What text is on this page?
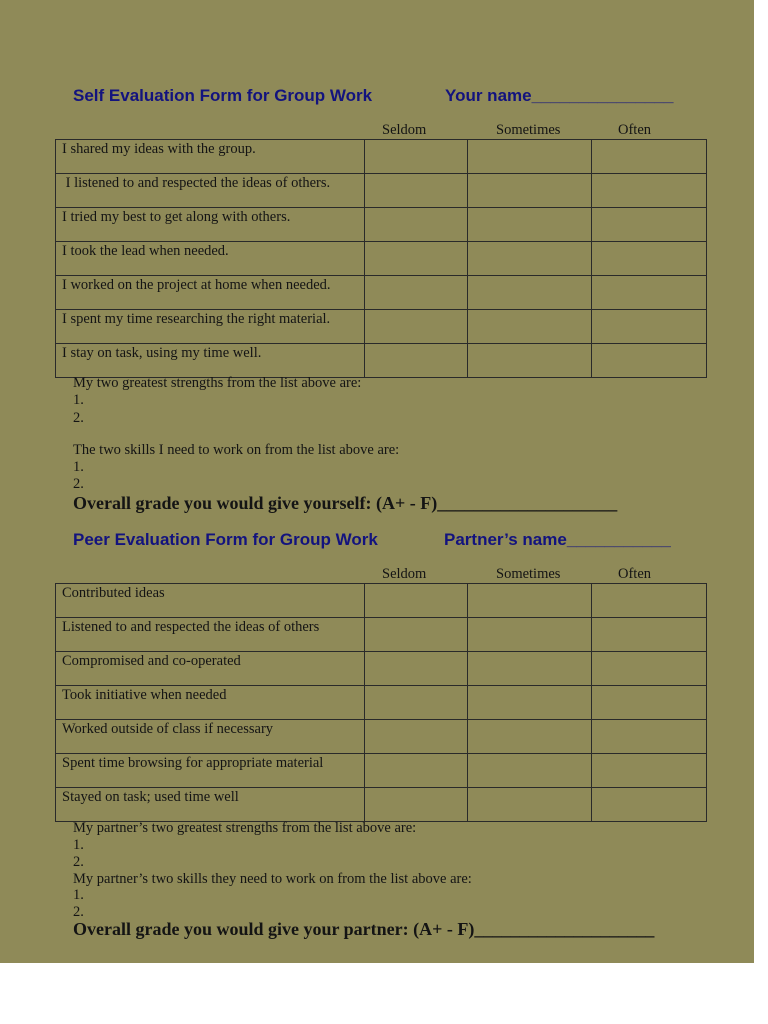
Self Evaluation Form for Group Work	Your name_______________
Seldom	Sometimes	Often
I shared my ideas with the group.			
I listened to and respected the ideas of others.			
I tried my best to get along with others.			
I took the lead when needed.			
I worked on the project at home when needed.			
I spent my time researching the right material.			
I stay on task, using my time well.			
My two greatest strengths from the list above are:
1.
2.
The two skills I need to work on from the list above are:
1.
2.
Overall grade you would give yourself: (A+ - F)____________________
Peer Evaluation Form for Group Work	Partner’s name___________
Seldom	Sometimes	Often
Contributed ideas			
Listened to and respected the ideas of others			
Compromised and co-operated			
Took initiative when needed			
Worked outside of class if necessary			
Spent time browsing for appropriate material			
Stayed on task; used time well			
My partner’s two greatest strengths from the list above are:
1.
2.
My partner’s two skills they need to work on from the list above are:
1.
2.
Overall grade you would give your partner: (A+ - F)____________________
